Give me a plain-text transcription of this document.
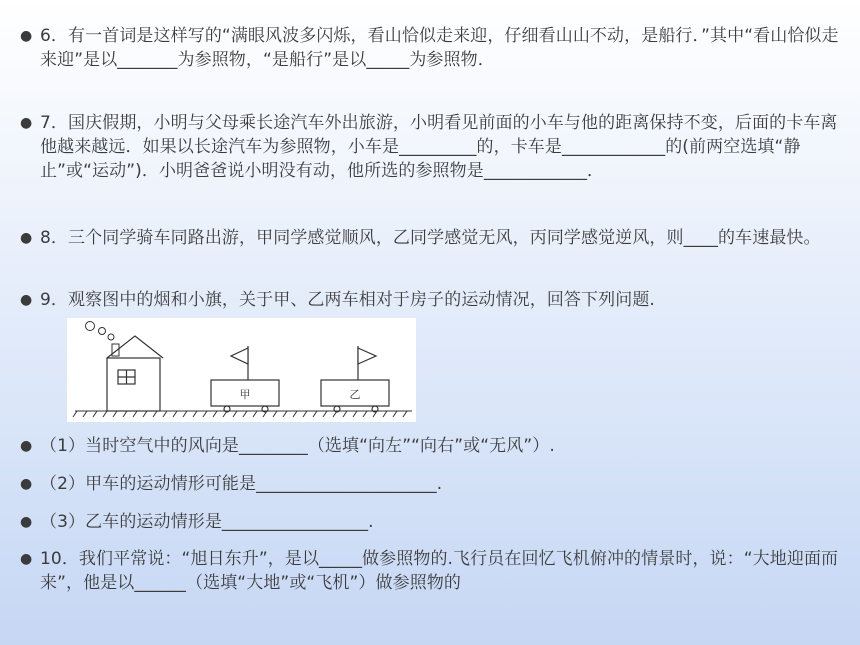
● 6．有一首词是这样写的“满眼风波多闪烁，看山恰似走来迎，仔细看山山不动，是船行．”其中“看山恰似走来迎”是以_______为参照物，“是船行”是以_____为参照物．
● 7．国庆假期，小明与父母乘长途汽车外出旅游，小明看见前面的小车与他的距离保持不变，后面的卡车离他越来越远．如果以长途汽车为参照物，小车是_________的，卡车是____________的(前两空选填“静止”或“运动”)．小明爸爸说小明没有动，他所选的参照物是____________．
● 8．三个同学骑车同路出游，甲同学感觉顺风，乙同学感觉无风，丙同学感觉逆风，则____的车速最快。
● 9．观察图中的烟和小旗，关于甲、乙两车相对于房子的运动情况，回答下列问题.
甲	乙
● （1）当时空气中的风向是________（选填“向左”“向右”或“无风”）.
● （2）甲车的运动情形可能是_____________________.
● （3）乙车的运动情形是_________________.
● 10．我们平常说：“旭日东升”，是以_____做参照物的.飞行员在回忆飞机俯冲的情景时，说：“大地迎面而来”，他是以______（选填“大地”或“飞机”）做参照物的
